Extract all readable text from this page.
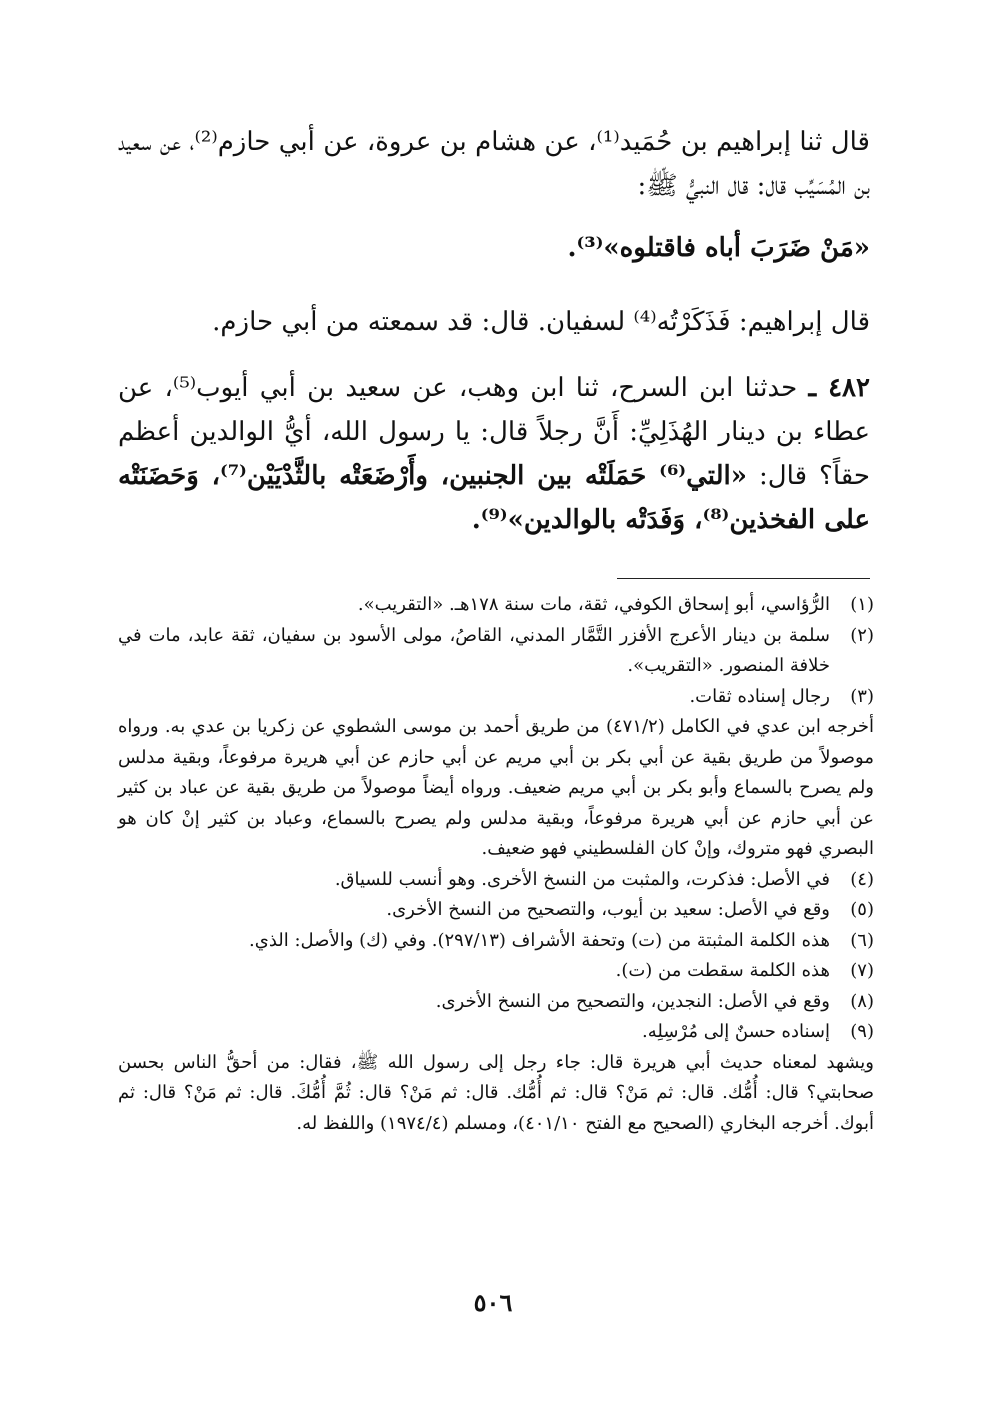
قال ثنا إبراهيم بن حُمَيد⁽¹⁾، عن هشام بن عروة، عن أبي حازم⁽²⁾، عن سعيد بن المُسَيِّب قال: قال النبيُّ ﷺ:

«مَنْ ضَرَبَ أباه فاقتلوه»⁽³⁾.

قال إبراهيم: فَذَكَرْتُه⁽⁴⁾ لسفيان. قال: قد سمعته من أبي حازم.

٤٨٢ ـ حدثنا ابن السرح، ثنا ابن وهب، عن سعيد بن أبي أيوب⁽⁵⁾، عن عطاء بن دينار الهُذَلِيِّ: أَنَّ رجلاً قال: يا رسول الله، أيُّ الوالدين أعظم حقاً؟ قال: «التي⁽⁶⁾ حَمَلَتْه بين الجنبين، وأَرْضَعَتْه بالثَّدْيَيْن⁽⁷⁾، وَحَضَنَتْه على الفخذين⁽⁸⁾، وَفَدَتْه بالوالدين»⁽⁹⁾.

(١)
الرُّؤاسي، أبو إسحاق الكوفي، ثقة، مات سنة ١٧٨هـ. «التقريب».
(٢)
سلمة بن دينار الأعرج الأفزر التَّمَّار المدني، القاصُ، مولى الأسود بن سفيان، ثقة عابد، مات في خلافة المنصور. «التقريب».
(٣)
رجال إسناده ثقات.

أخرجه ابن عدي في الكامل (٤٧١/٢) من طريق أحمد بن موسى الشطوي عن زكريا بن عدي به. ورواه موصولاً من طريق بقية عن أبي بكر بن أبي مريم عن أبي حازم عن أبي هريرة مرفوعاً، وبقية مدلس ولم يصرح بالسماع وأبو بكر بن أبي مريم ضعيف. ورواه أيضاً موصولاً من طريق بقية عن عباد بن كثير عن أبي حازم عن أبي هريرة مرفوعاً، وبقية مدلس ولم يصرح بالسماع، وعباد بن كثير إنْ كان هو البصري فهو متروك، وإنْ كان الفلسطيني فهو ضعيف.

(٤)
في الأصل: فذكرت، والمثبت من النسخ الأخرى. وهو أنسب للسياق.
(٥)
وقع في الأصل: سعيد بن أيوب، والتصحيح من النسخ الأخرى.
(٦)
هذه الكلمة المثبتة من (ت) وتحفة الأشراف (٢٩٧/١٣). وفي (ك) والأصل: الذي.
(٧)
هذه الكلمة سقطت من (ت).
(٨)
وقع في الأصل: النجدين، والتصحيح من النسخ الأخرى.
(٩)
إسناده حسنٌ إلى مُرْسِلِه.

ويشهد لمعناه حديث أبي هريرة قال: جاء رجل إلى رسول الله ﷺ، فقال: من أحقُّ الناس بحسن صحابتي؟ قال: أُمُّك. قال: ثم مَنْ؟ قال: ثم أُمُّك. قال: ثم مَنْ؟ قال: ثُمَّ أُمُّكَ. قال: ثم مَنْ؟ قال: ثم أبوك. أخرجه البخاري (الصحيح مع الفتح ٤٠١/١٠)، ومسلم (١٩٧٤/٤) واللفظ له.

٥٠٦
